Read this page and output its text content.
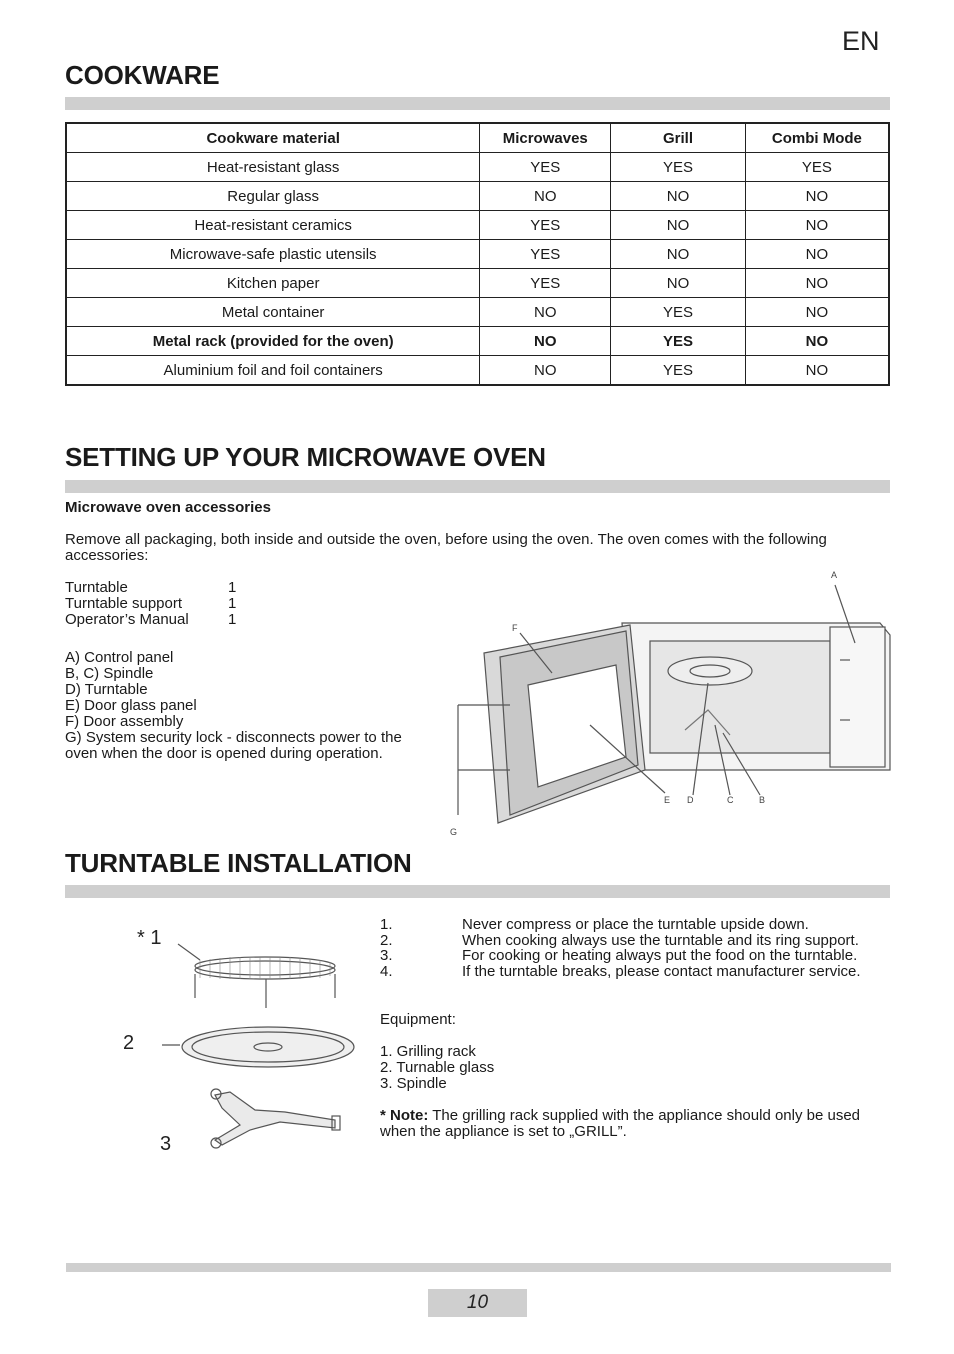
EN
COOKWARE
Cookware material	Microwaves	Grill	Combi Mode
Heat-resistant glass	YES	YES	YES
Regular glass	NO	NO	NO
Heat-resistant ceramics	YES	NO	NO
Microwave-safe plastic utensils	YES	NO	NO
Kitchen paper	YES	NO	NO
Metal container	NO	YES	NO
Metal rack (provided for the oven)	NO	YES	NO
Aluminium foil and foil containers	NO	YES	NO
SETTING UP YOUR MICROWAVE OVEN
Microwave oven accessories
Remove all packaging, both inside and outside the oven, before using the oven. The oven comes with the following accessories:
Turntable	1
Turntable support	1
Operator’s Manual	1
A) Control panel
B, C) Spindle
D) Turntable
E) Door glass panel
F) Door assembly
G) System security lock - disconnects power to the
oven when the door is opened during operation.
A
F
E D	C	B
G
TURNTABLE INSTALLATION
* 1
2
3
1.	Never compress or place the turntable upside down.
2.	When cooking always use the turntable and its ring support.
3.	For cooking or heating always put the food on the turntable.
4.	If the turntable breaks, please contact manufacturer service.
Equipment:
1. Grilling rack
2. Turnable glass
3. Spindle
* Note: The grilling rack supplied with the appliance should only be used when the appliance is set to „GRILL”.
10
